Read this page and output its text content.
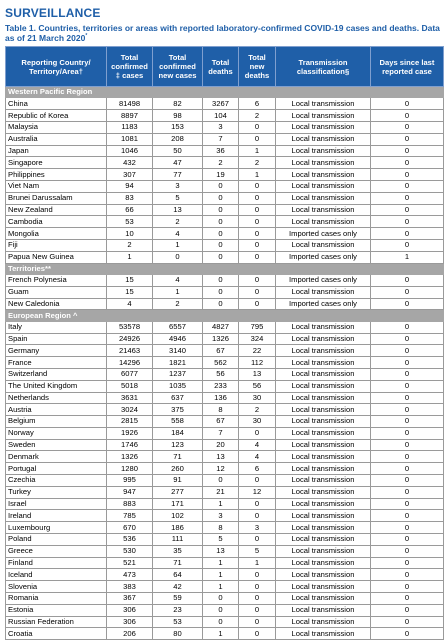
SURVEILLANCE
Table 1. Countries, territories or areas with reported laboratory-confirmed COVID-19 cases and deaths. Data as of 21 March 2020*
Reporting Country/ Territory/Area†	Total confirmed ‡ cases	Total confirmed new cases	Total deaths	Total new deaths	Transmission classification§	Days since last reported case
Western Pacific Region						
China	81498	82	3267	6	Local transmission	0
Republic of Korea	8897	98	104	2	Local transmission	0
Malaysia	1183	153	3	0	Local transmission	0
Australia	1081	208	7	0	Local transmission	0
Japan	1046	50	36	1	Local transmission	0
Singapore	432	47	2	2	Local transmission	0
Philippines	307	77	19	1	Local transmission	0
Viet Nam	94	3	0	0	Local transmission	0
Brunei Darussalam	83	5	0	0	Local transmission	0
New Zealand	66	13	0	0	Local transmission	0
Cambodia	53	2	0	0	Local transmission	0
Mongolia	10	4	0	0	Imported cases only	0
Fiji	2	1	0	0	Local transmission	0
Papua New Guinea	1	0	0	0	Imported cases only	1
Territories**						
French Polynesia	15	4	0	0	Imported cases only	0
Guam	15	1	0	0	Local transmission	0
New Caledonia	4	2	0	0	Imported cases only	0
European Region ^						
Italy	53578	6557	4827	795	Local transmission	0
Spain	24926	4946	1326	324	Local transmission	0
Germany	21463	3140	67	22	Local transmission	0
France	14296	1821	562	112	Local transmission	0
Switzerland	6077	1237	56	13	Local transmission	0
The United Kingdom	5018	1035	233	56	Local transmission	0
Netherlands	3631	637	136	30	Local transmission	0
Austria	3024	375	8	2	Local transmission	0
Belgium	2815	558	67	30	Local transmission	0
Norway	1926	184	7	0	Local transmission	0
Sweden	1746	123	20	4	Local transmission	0
Denmark	1326	71	13	4	Local transmission	0
Portugal	1280	260	12	6	Local transmission	0
Czechia	995	91	0	0	Local transmission	0
Turkey	947	277	21	12	Local transmission	0
Israel	883	171	1	0	Local transmission	0
Ireland	785	102	3	0	Local transmission	0
Luxembourg	670	186	8	3	Local transmission	0
Poland	536	111	5	0	Local transmission	0
Greece	530	35	13	5	Local transmission	0
Finland	521	71	1	1	Local transmission	0
Iceland	473	64	1	0	Local transmission	0
Slovenia	383	42	1	0	Local transmission	0
Romania	367	59	0	0	Local transmission	0
Estonia	306	23	0	0	Local transmission	0
Russian Federation	306	53	0	0	Local transmission	0
Croatia	206	80	1	0	Local transmission	0
